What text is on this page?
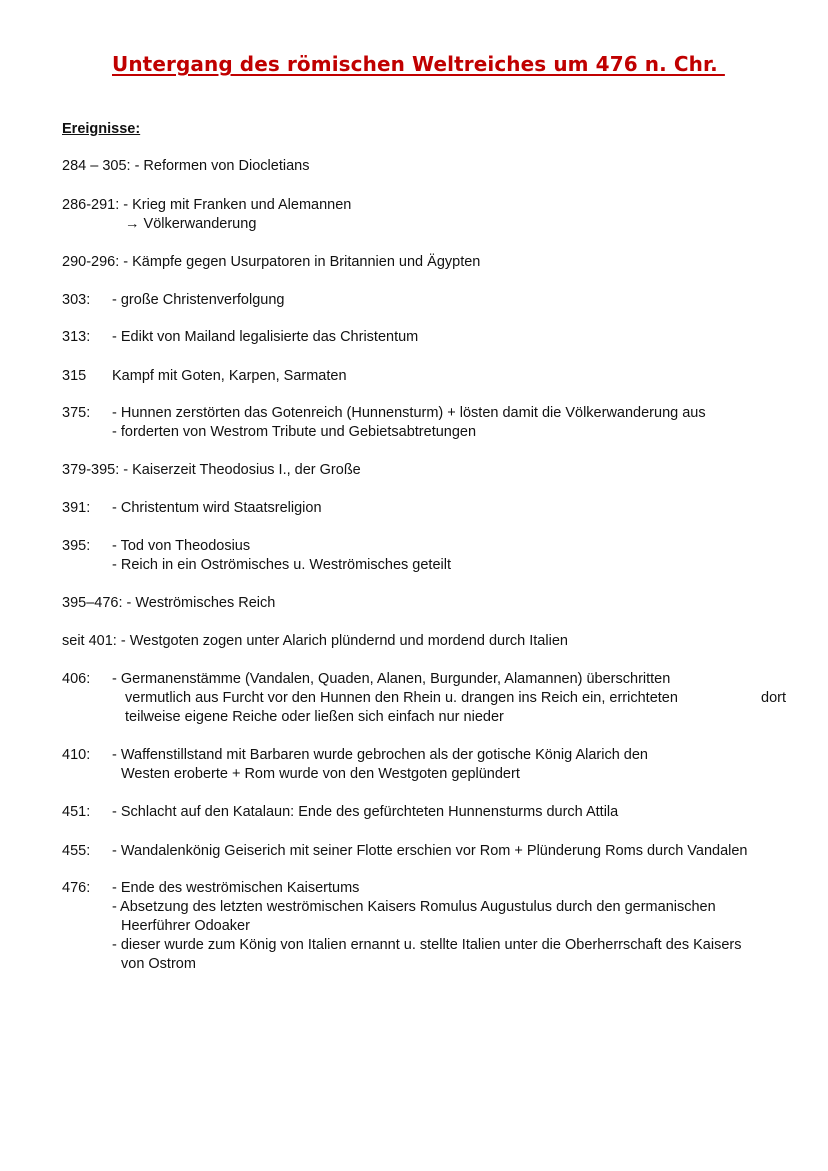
Untergang des römischen Weltreiches um 476 n. Chr.
Ereignisse:
284 – 305: - Reformen von Diocletians
286-291: - Krieg mit Franken und Alemannen
→ Völkerwanderung
290-296: - Kämpfe gegen Usurpatoren in Britannien und Ägypten
303: - große Christenverfolgung
313: - Edikt von Mailand legalisierte das Christentum
315 Kampf mit Goten, Karpen, Sarmaten
375: - Hunnen zerstörten das Gotenreich (Hunnensturm) + lösten damit die Völkerwanderung aus
- forderten von Westrom Tribute und Gebietsabtretungen
379-395: - Kaiserzeit Theodosius I., der Große
391: - Christentum wird Staatsreligion
395: - Tod von Theodosius
- Reich in ein Oströmisches u. Weströmisches geteilt
395–476: - Weströmisches Reich
seit 401: - Westgoten zogen unter Alarich plündernd und mordend durch Italien
406: - Germanenstämme (Vandalen, Quaden, Alanen, Burgunder, Alamannen) überschritten
vermutlich aus Furcht vor den Hunnen den Rhein u. drangen ins Reich ein, errichteten	dort
teilweise eigene Reiche oder ließen sich einfach nur nieder
410: - Waffenstillstand mit Barbaren wurde gebrochen als der gotische König Alarich den
Westen eroberte + Rom wurde von den Westgoten geplündert
451: - Schlacht auf den Katalaun: Ende des gefürchteten Hunnensturms durch Attila
455: - Wandalenkönig Geiserich mit seiner Flotte erschien vor Rom + Plünderung Roms durch Vandalen
476: - Ende des weströmischen Kaisertums
- Absetzung des letzten weströmischen Kaisers Romulus Augustulus durch den germanischen
Heerführer Odoaker
- dieser wurde zum König von Italien ernannt u. stellte Italien unter die Oberherrschaft des Kaisers
von Ostrom
